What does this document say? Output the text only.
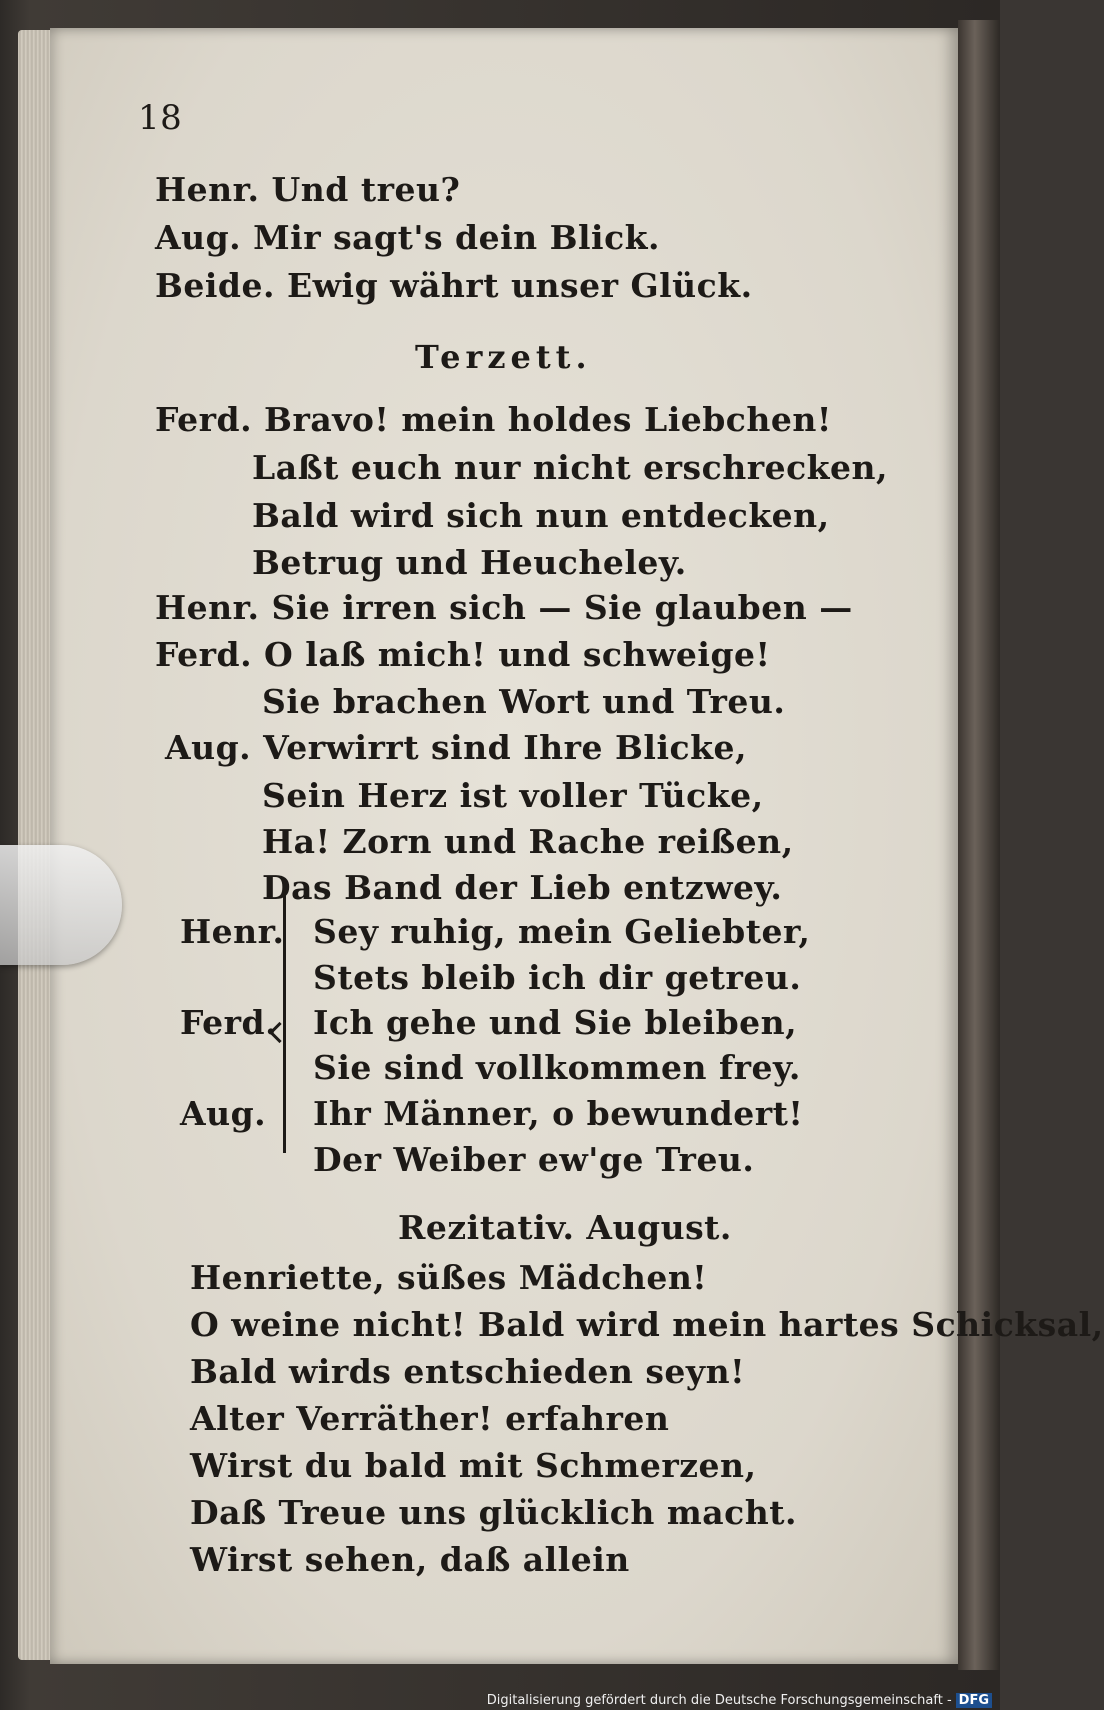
18
Henr. Und treu?
Aug. Mir sagt's dein Blick.
Beide. Ewig währt unser Glück.
Terzett.
Ferd. Bravo! mein holdes Liebchen!
Laßt euch nur nicht erschrecken,
Bald wird sich nun entdecken,
Betrug und Heucheley.
Henr. Sie irren sich — Sie glauben —
Ferd. O laß mich! und schweige!
Sie brachen Wort und Treu.
Aug. Verwirrt sind Ihre Blicke,
Sein Herz ist voller Tücke,
Ha! Zorn und Rache reißen,
Das Band der Lieb entzwey.
Henr. Sey ruhig, mein Geliebter,
Stets bleib ich dir getreu.
Ferd. Ich gehe und Sie bleiben,
Sie sind vollkommen frey.
Aug. Ihr Männer, o bewundert!
Der Weiber ew'ge Treu.
Rezitativ. August.
Henriette, süßes Mädchen!
O weine nicht! Bald wird mein hartes Schicksal,
Bald wirds entschieden seyn!
Alter Verräther! erfahren
Wirst du bald mit Schmerzen,
Daß Treue uns glücklich macht.
Wirst sehen, daß allein
Digitalisierung gefördert durch die Deutsche Forschungsgemeinschaft - DFG
